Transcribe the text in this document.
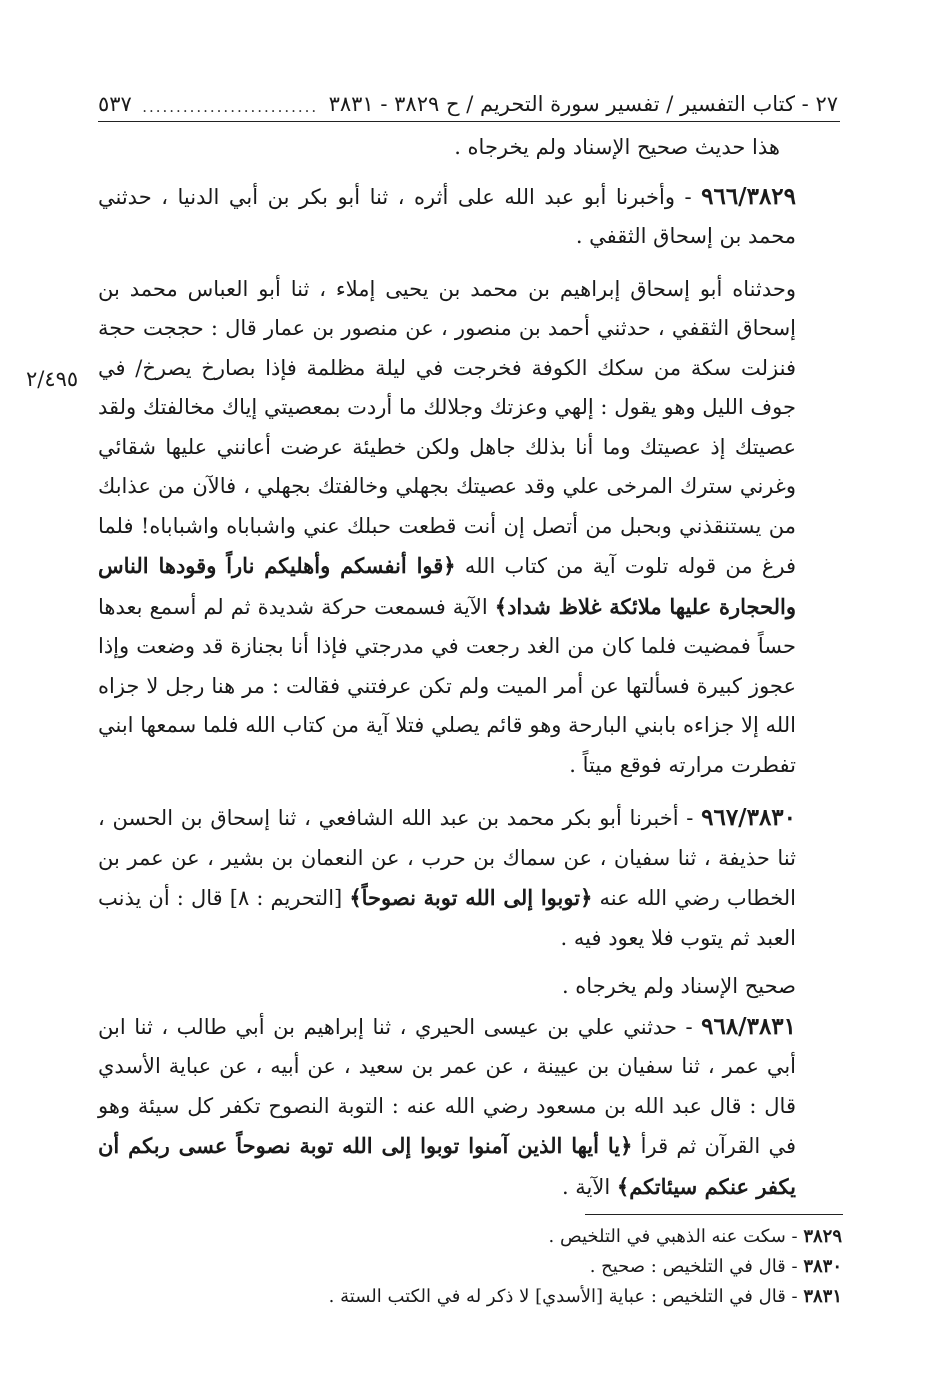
٢٧ - كتاب التفسير / تفسير سورة التحريم / ح ٣٨٢٩ - ٣٨٣١
..........................
٥٣٧
٢/٤٩٥

هذا حديث صحيح الإسناد ولم يخرجاه .

٩٦٦/٣٨٢٩ - وأخبرنا أبو عبد الله على أثره ، ثنا أبو بكر بن أبي الدنيا ، حدثني محمد بن إسحاق الثقفي .

وحدثناه أبو إسحاق إبراهيم بن محمد بن يحيى إملاء ، ثنا أبو العباس محمد بن إسحاق الثقفي ، حدثني أحمد بن منصور ، عن منصور بن عمار قال : حججت حجة فنزلت سكة من سكك الكوفة فخرجت في ليلة مظلمة فإذا بصارخ يصرخ/ في جوف الليل وهو يقول : إلهي وعزتك وجلالك ما أردت بمعصيتي إياك مخالفتك ولقد عصيتك إذ عصيتك وما أنا بذلك جاهل ولكن خطيئة عرضت أعانني عليها شقائي وغرني سترك المرخى علي وقد عصيتك بجهلي وخالفتك بجهلي ، فالآن من عذابك من يستنقذني وبحبل من أتصل إن أنت قطعت حبلك عني واشباباه واشباباه! فلما فرغ من قوله تلوت آية من كتاب الله ﴿قوا أنفسكم وأهليكم ناراً وقودها الناس والحجارة عليها ملائكة غلاظ شداد﴾ الآية فسمعت حركة شديدة ثم لم أسمع بعدها حساً فمضيت فلما كان من الغد رجعت في مدرجتي فإذا أنا بجنازة قد وضعت وإذا عجوز كبيرة فسألتها عن أمر الميت ولم تكن عرفتني فقالت : مر هنا رجل لا جزاه الله إلا جزاءه بابني البارحة وهو قائم يصلي فتلا آية من كتاب الله فلما سمعها ابني تفطرت مرارته فوقع ميتاً .

٩٦٧/٣٨٣٠ - أخبرنا أبو بكر محمد بن عبد الله الشافعي ، ثنا إسحاق بن الحسن ، ثنا حذيفة ، ثنا سفيان ، عن سماك بن حرب ، عن النعمان بن بشير ، عن عمر بن الخطاب رضي الله عنه ﴿توبوا إلى الله توبة نصوحاً﴾ [التحريم : ٨] قال : أن يذنب العبد ثم يتوب فلا يعود فيه .

صحيح الإسناد ولم يخرجاه .

٩٦٨/٣٨٣١ - حدثني علي بن عيسى الحيري ، ثنا إبراهيم بن أبي طالب ، ثنا ابن أبي عمر ، ثنا سفيان بن عيينة ، عن عمر بن سعيد ، عن أبيه ، عن عباية الأسدي قال : قال عبد الله بن مسعود رضي الله عنه : التوبة النصوح تكفر كل سيئة وهو في القرآن ثم قرأ ﴿يا أيها الذين آمنوا توبوا إلى الله توبة نصوحاً عسى ربكم أن يكفر عنكم سيئاتكم﴾ الآية .

٣٨٢٩ - سكت عنه الذهبي في التلخيص .

٣٨٣٠ - قال في التلخيص : صحيح .

٣٨٣١ - قال في التلخيص : عباية [الأسدي] لا ذكر له في الكتب الستة .
